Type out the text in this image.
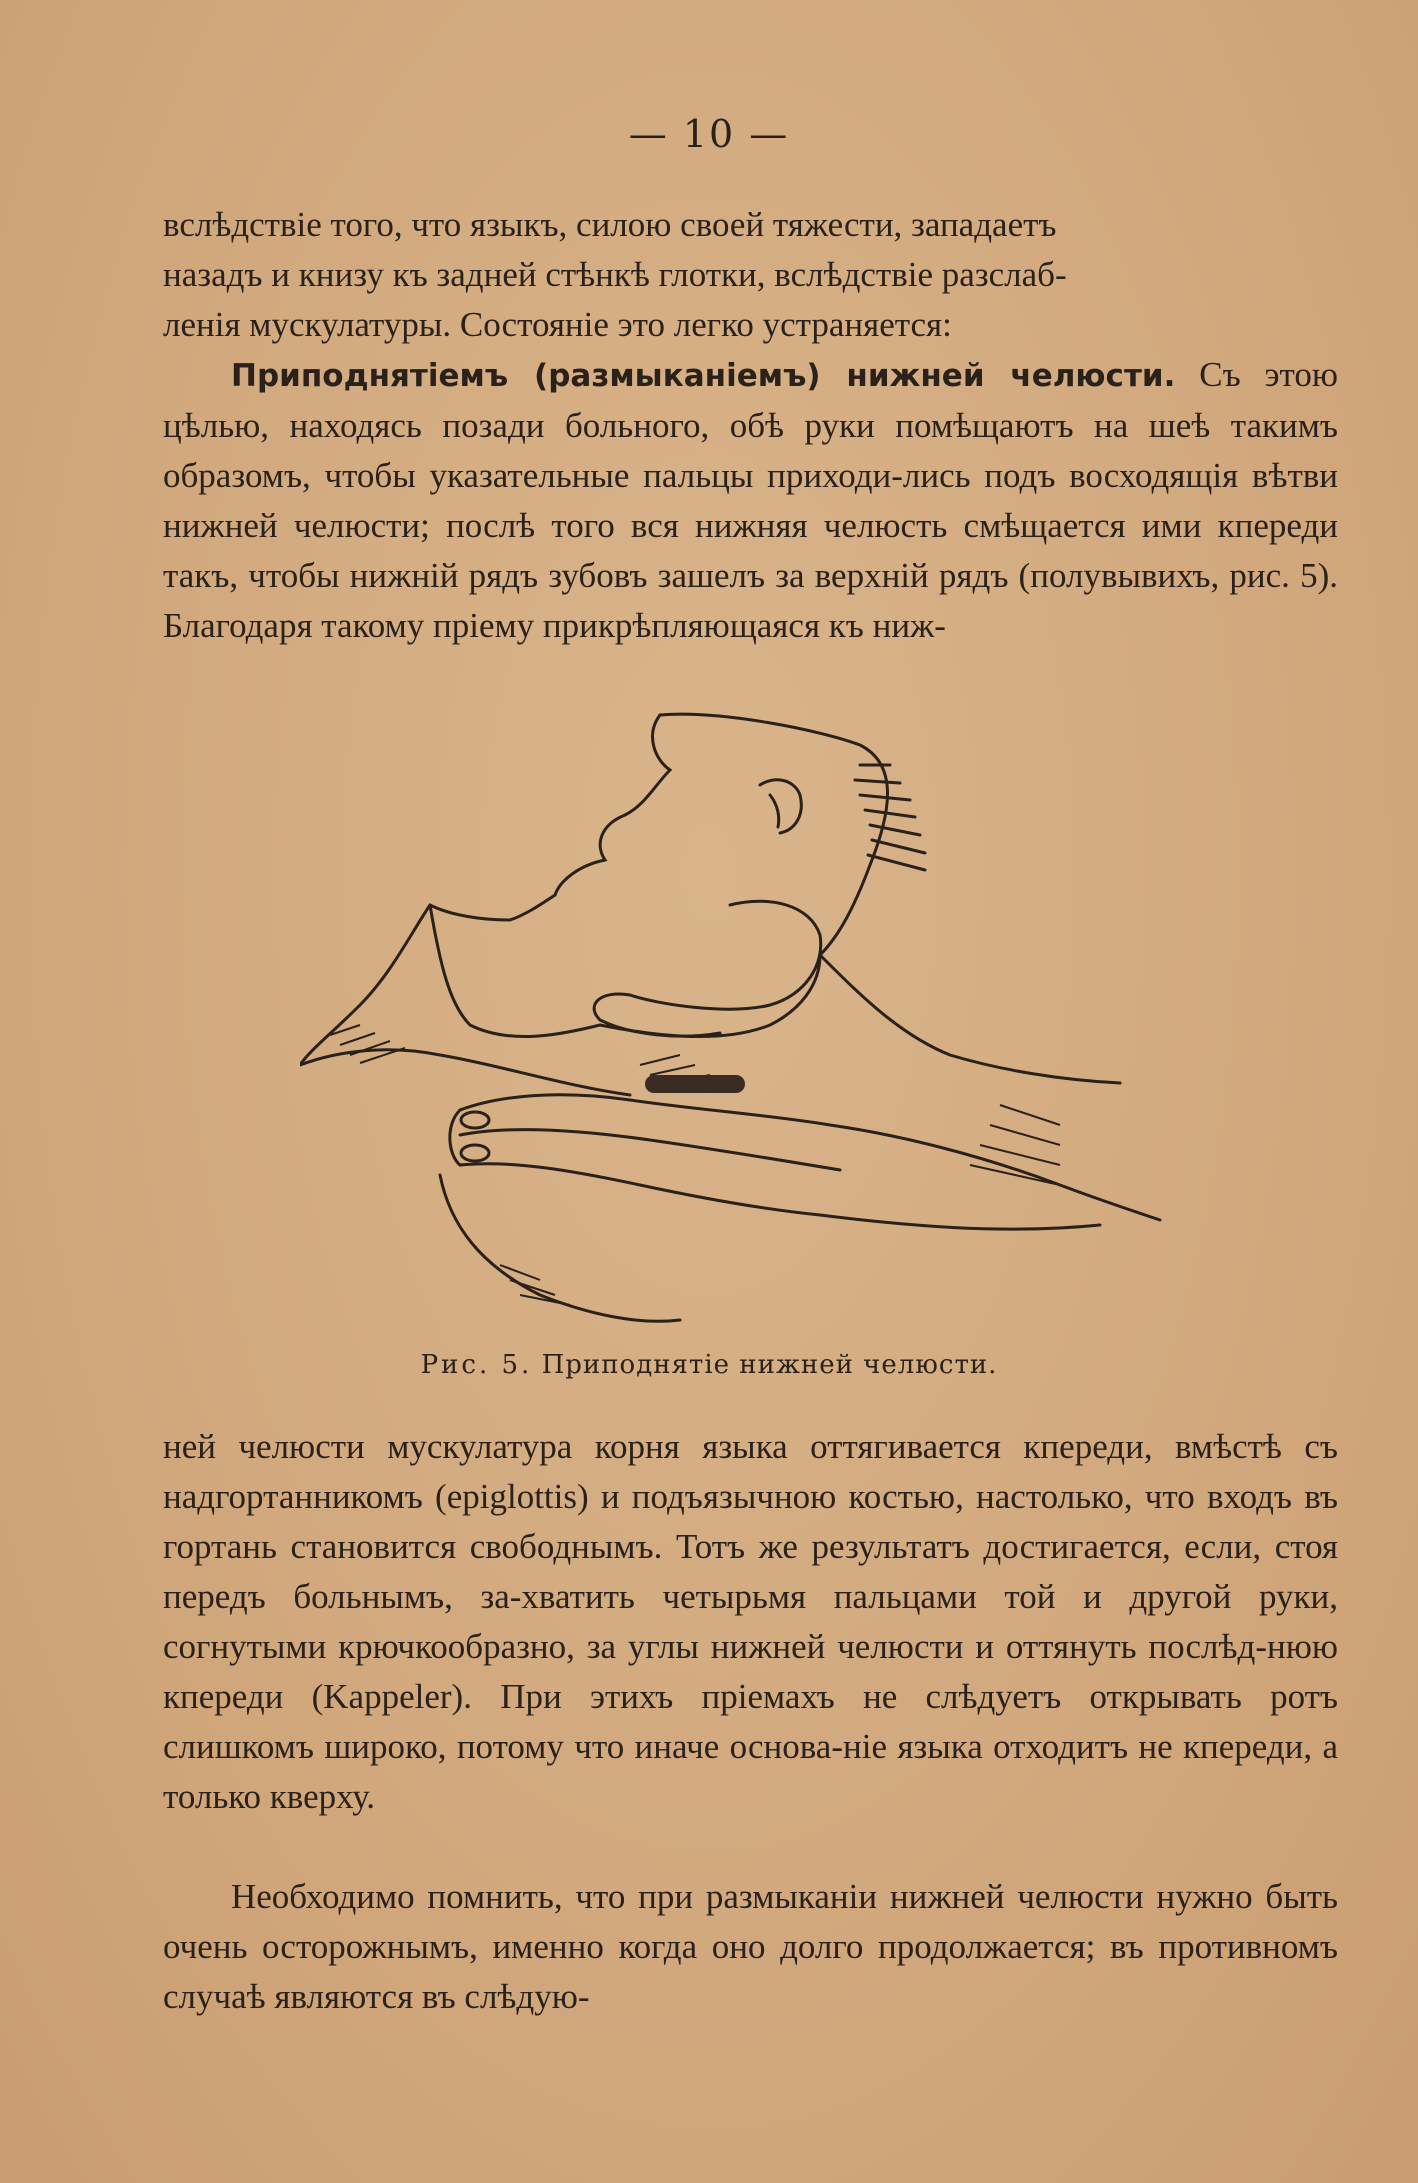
— 10 —

вслѣдствіе того, что языкъ, силою своей тяжести, западаетъ

назадъ и книзу къ задней стѣнкѣ глотки, вслѣдствіе разслаб-

ленія мускулатуры. Состояніе это легко устраняется:

Приподнятіемъ (размыканіемъ) нижней челюсти. Съ этою цѣлью, находясь позади больного, обѣ руки помѣщаютъ на шеѣ такимъ образомъ, чтобы указательные пальцы приходи-лись подъ восходящія вѣтви нижней челюсти; послѣ того вся нижняя челюсть смѣщается ими кпереди такъ, чтобы нижній рядъ зубовъ зашелъ за верхній рядъ (полувывихъ, рис. 5). Благодаря такому пріему прикрѣпляющаяся къ ниж-

Рис. 5. Приподнятіе нижней челюсти.

ней челюсти мускулатура корня языка оттягивается кпереди, вмѣстѣ съ надгортанникомъ (epiglottis) и подъязычною костью, настолько, что входъ въ гортань становится свободнымъ. Тотъ же результатъ достигается, если, стоя передъ больнымъ, за-хватить четырьмя пальцами той и другой руки, согнутыми крючкообразно, за углы нижней челюсти и оттянуть послѣд-нюю кпереди (Kappeler). При этихъ пріемахъ не слѣдуетъ открывать ротъ слишкомъ широко, потому что иначе основа-ніе языка отходитъ не кпереди, а только кверху.

Необходимо помнить, что при размыканіи нижней челюсти нужно быть очень осторожнымъ, именно когда оно долго продолжается; въ противномъ случаѣ являются въ слѣдую-
